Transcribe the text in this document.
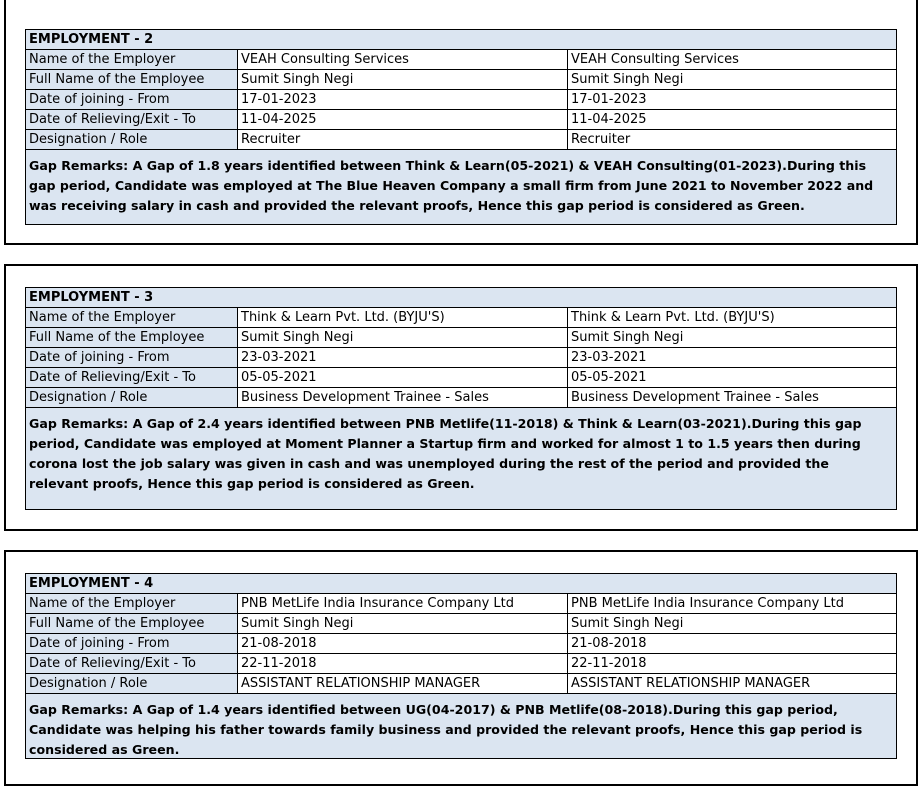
EMPLOYMENT - 2
Name of the Employer	VEAH Consulting Services	VEAH Consulting Services
Full Name of the Employee	Sumit Singh Negi	Sumit Singh Negi
Date of joining - From	17-01-2023	17-01-2023
Date of Relieving/Exit - To	11-04-2025	11-04-2025
Designation / Role	Recruiter	Recruiter
Gap Remarks: A Gap of 1.8 years identified between Think & Learn(05-2021) & VEAH Consulting(01-2023).During this gap period, Candidate was employed at The Blue Heaven Company a small firm from June 2021 to November 2022 and was receiving salary in cash and provided the relevant proofs, Hence this gap period is considered as Green.
EMPLOYMENT - 3
Name of the Employer	Think & Learn Pvt. Ltd. (BYJU'S)	Think & Learn Pvt. Ltd. (BYJU'S)
Full Name of the Employee	Sumit Singh Negi	Sumit Singh Negi
Date of joining - From	23-03-2021	23-03-2021
Date of Relieving/Exit - To	05-05-2021	05-05-2021
Designation / Role	Business Development Trainee - Sales	Business Development Trainee - Sales
Gap Remarks: A Gap of 2.4 years identified between PNB Metlife(11-2018) & Think & Learn(03-2021).During this gap period, Candidate was employed at Moment Planner a Startup firm and worked for almost 1 to 1.5 years then during corona lost the job salary was given in cash and was unemployed during the rest of the period and provided the relevant proofs, Hence this gap period is considered as Green.
EMPLOYMENT - 4
Name of the Employer	PNB MetLife India Insurance Company Ltd	PNB MetLife India Insurance Company Ltd
Full Name of the Employee	Sumit Singh Negi	Sumit Singh Negi
Date of joining - From	21-08-2018	21-08-2018
Date of Relieving/Exit - To	22-11-2018	22-11-2018
Designation / Role	ASSISTANT RELATIONSHIP MANAGER	ASSISTANT RELATIONSHIP MANAGER
Gap Remarks: A Gap of 1.4 years identified between UG(04-2017) & PNB Metlife(08-2018).During this gap period, Candidate was helping his father towards family business and provided the relevant proofs, Hence this gap period is considered as Green.
